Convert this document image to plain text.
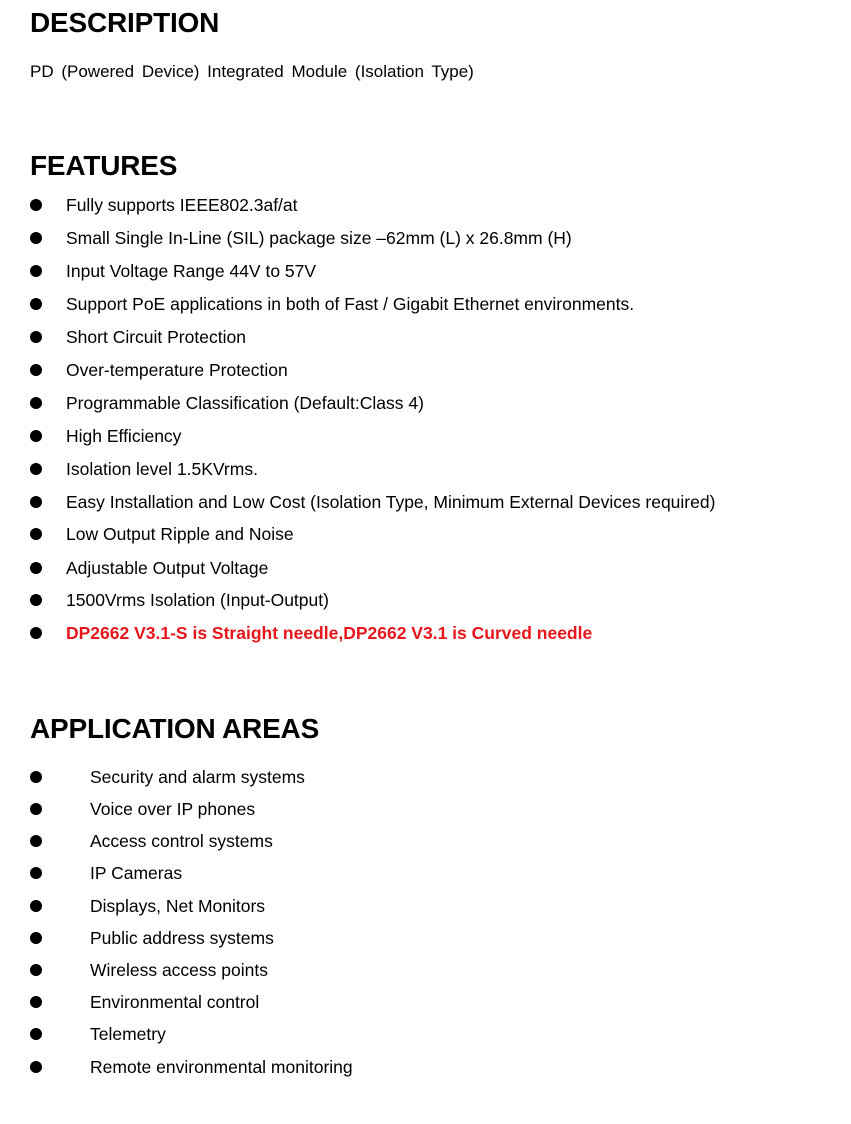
DESCRIPTION

PD (Powered Device) Integrated Module (Isolation Type)

FEATURES
Fully supports IEEE802.3af/at
Small Single In-Line (SIL) package size –62mm (L) x 26.8mm (H)
Input Voltage Range 44V to 57V
Support PoE applications in both of Fast / Gigabit Ethernet environments.
Short Circuit Protection
Over-temperature Protection
Programmable Classification (Default:Class 4)
High Efficiency
Isolation level 1.5KVrms.
Easy Installation and Low Cost (Isolation Type, Minimum External Devices required)
Low Output Ripple and Noise
Adjustable Output Voltage
1500Vrms Isolation (Input-Output)
DP2662 V3.1-S is Straight needle,DP2662 V3.1 is Curved needle
APPLICATION AREAS
Security and alarm systems
Voice over IP phones
Access control systems
IP Cameras
Displays, Net Monitors
Public address systems
Wireless access points
Environmental control
Telemetry
Remote environmental monitoring
